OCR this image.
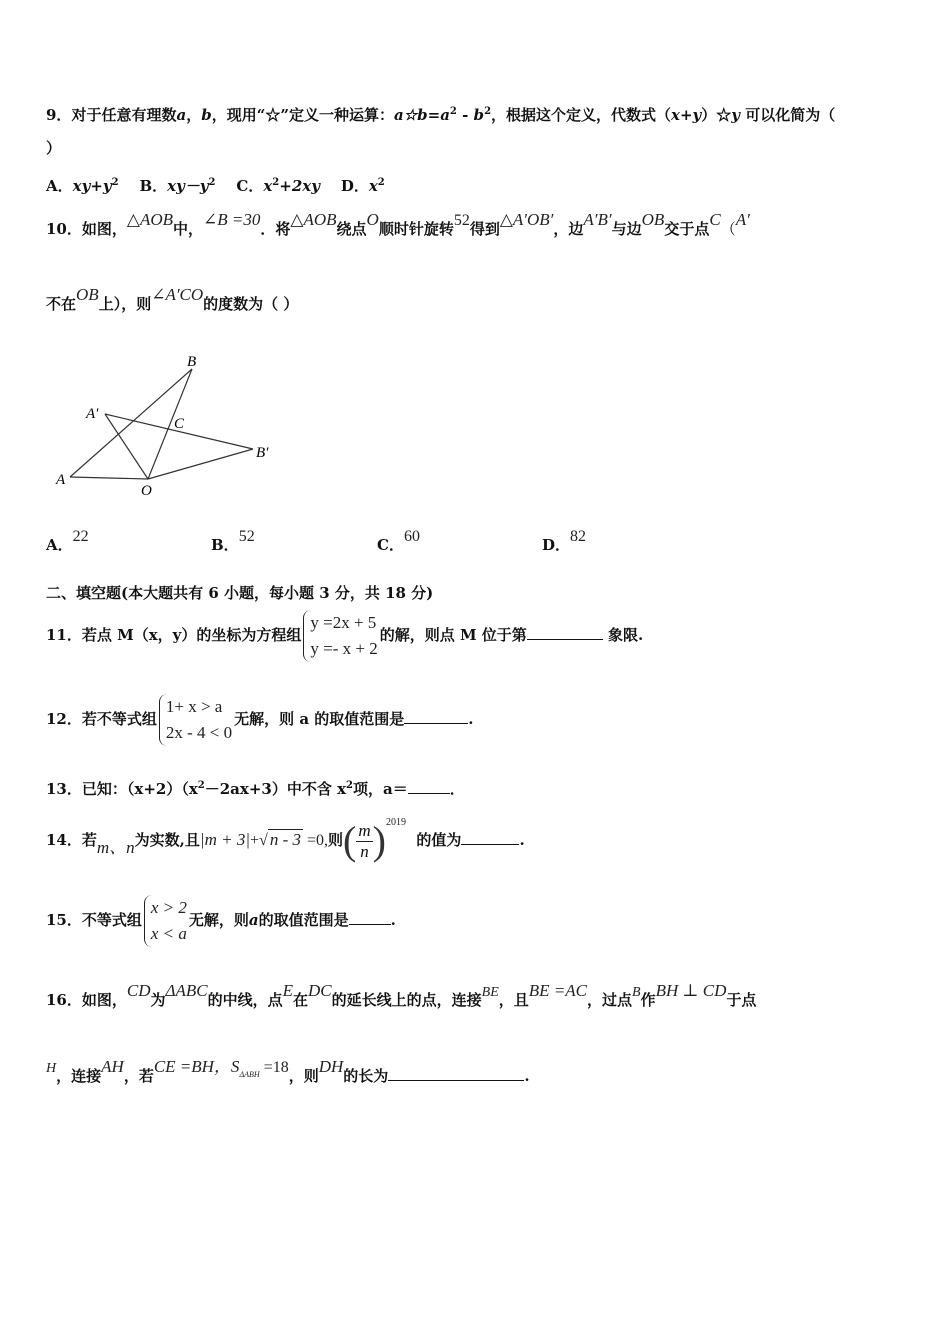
9．对于任意有理数a，b，现用“☆”定义一种运算：$a☆b=a^2 - b^2$，根据这个定义，代数式（x+y）☆y 可以化简为（
）
A．$xy+y^2$ B．$xy-y^2$ C．$x^2+2xy$ D．$x^2$
10．如图，△AOB中，∠B =30．将△AOB绕点O顺时针旋转52得到△A′OB′，边A′B′与边OB交于点C（A′
不在OB上），则∠A′CO的度数为（ ）
B
A′
C
B′
A
O
A．22	B．52	C．60	D．82
二、填空题(本大题共有 6 小题，每小题 3 分，共 18 分)
11．若点 M（x，y）的坐标为方程组
y =2x + 5
y =- x + 2
的解，则点 M 位于第	象限.
12．若不等式组
1+ x > a
2x - 4 < 0
无解，则 a 的取值范围是	.
13．已知：$(x+2)(x^2-2ax+3)$中不含 $x^2$项，a＝	．
14．若m、n为实数,且|m + 3|+√ n - 3 =0,则( $\frac{m}{n} )^{2019}$  的值为	.
15．不等式组
x > 2
x < a
无解，则a的取值范围是	.
16．如图，CD为ΔABC的中线，点E在DC的延长线上的点，连接BE，且BE =AC，过点B作BH ⊥ CD于点
H，连接AH，若CE =BH，$S^{\Delta ABH} =18$，则DH的长为	.
